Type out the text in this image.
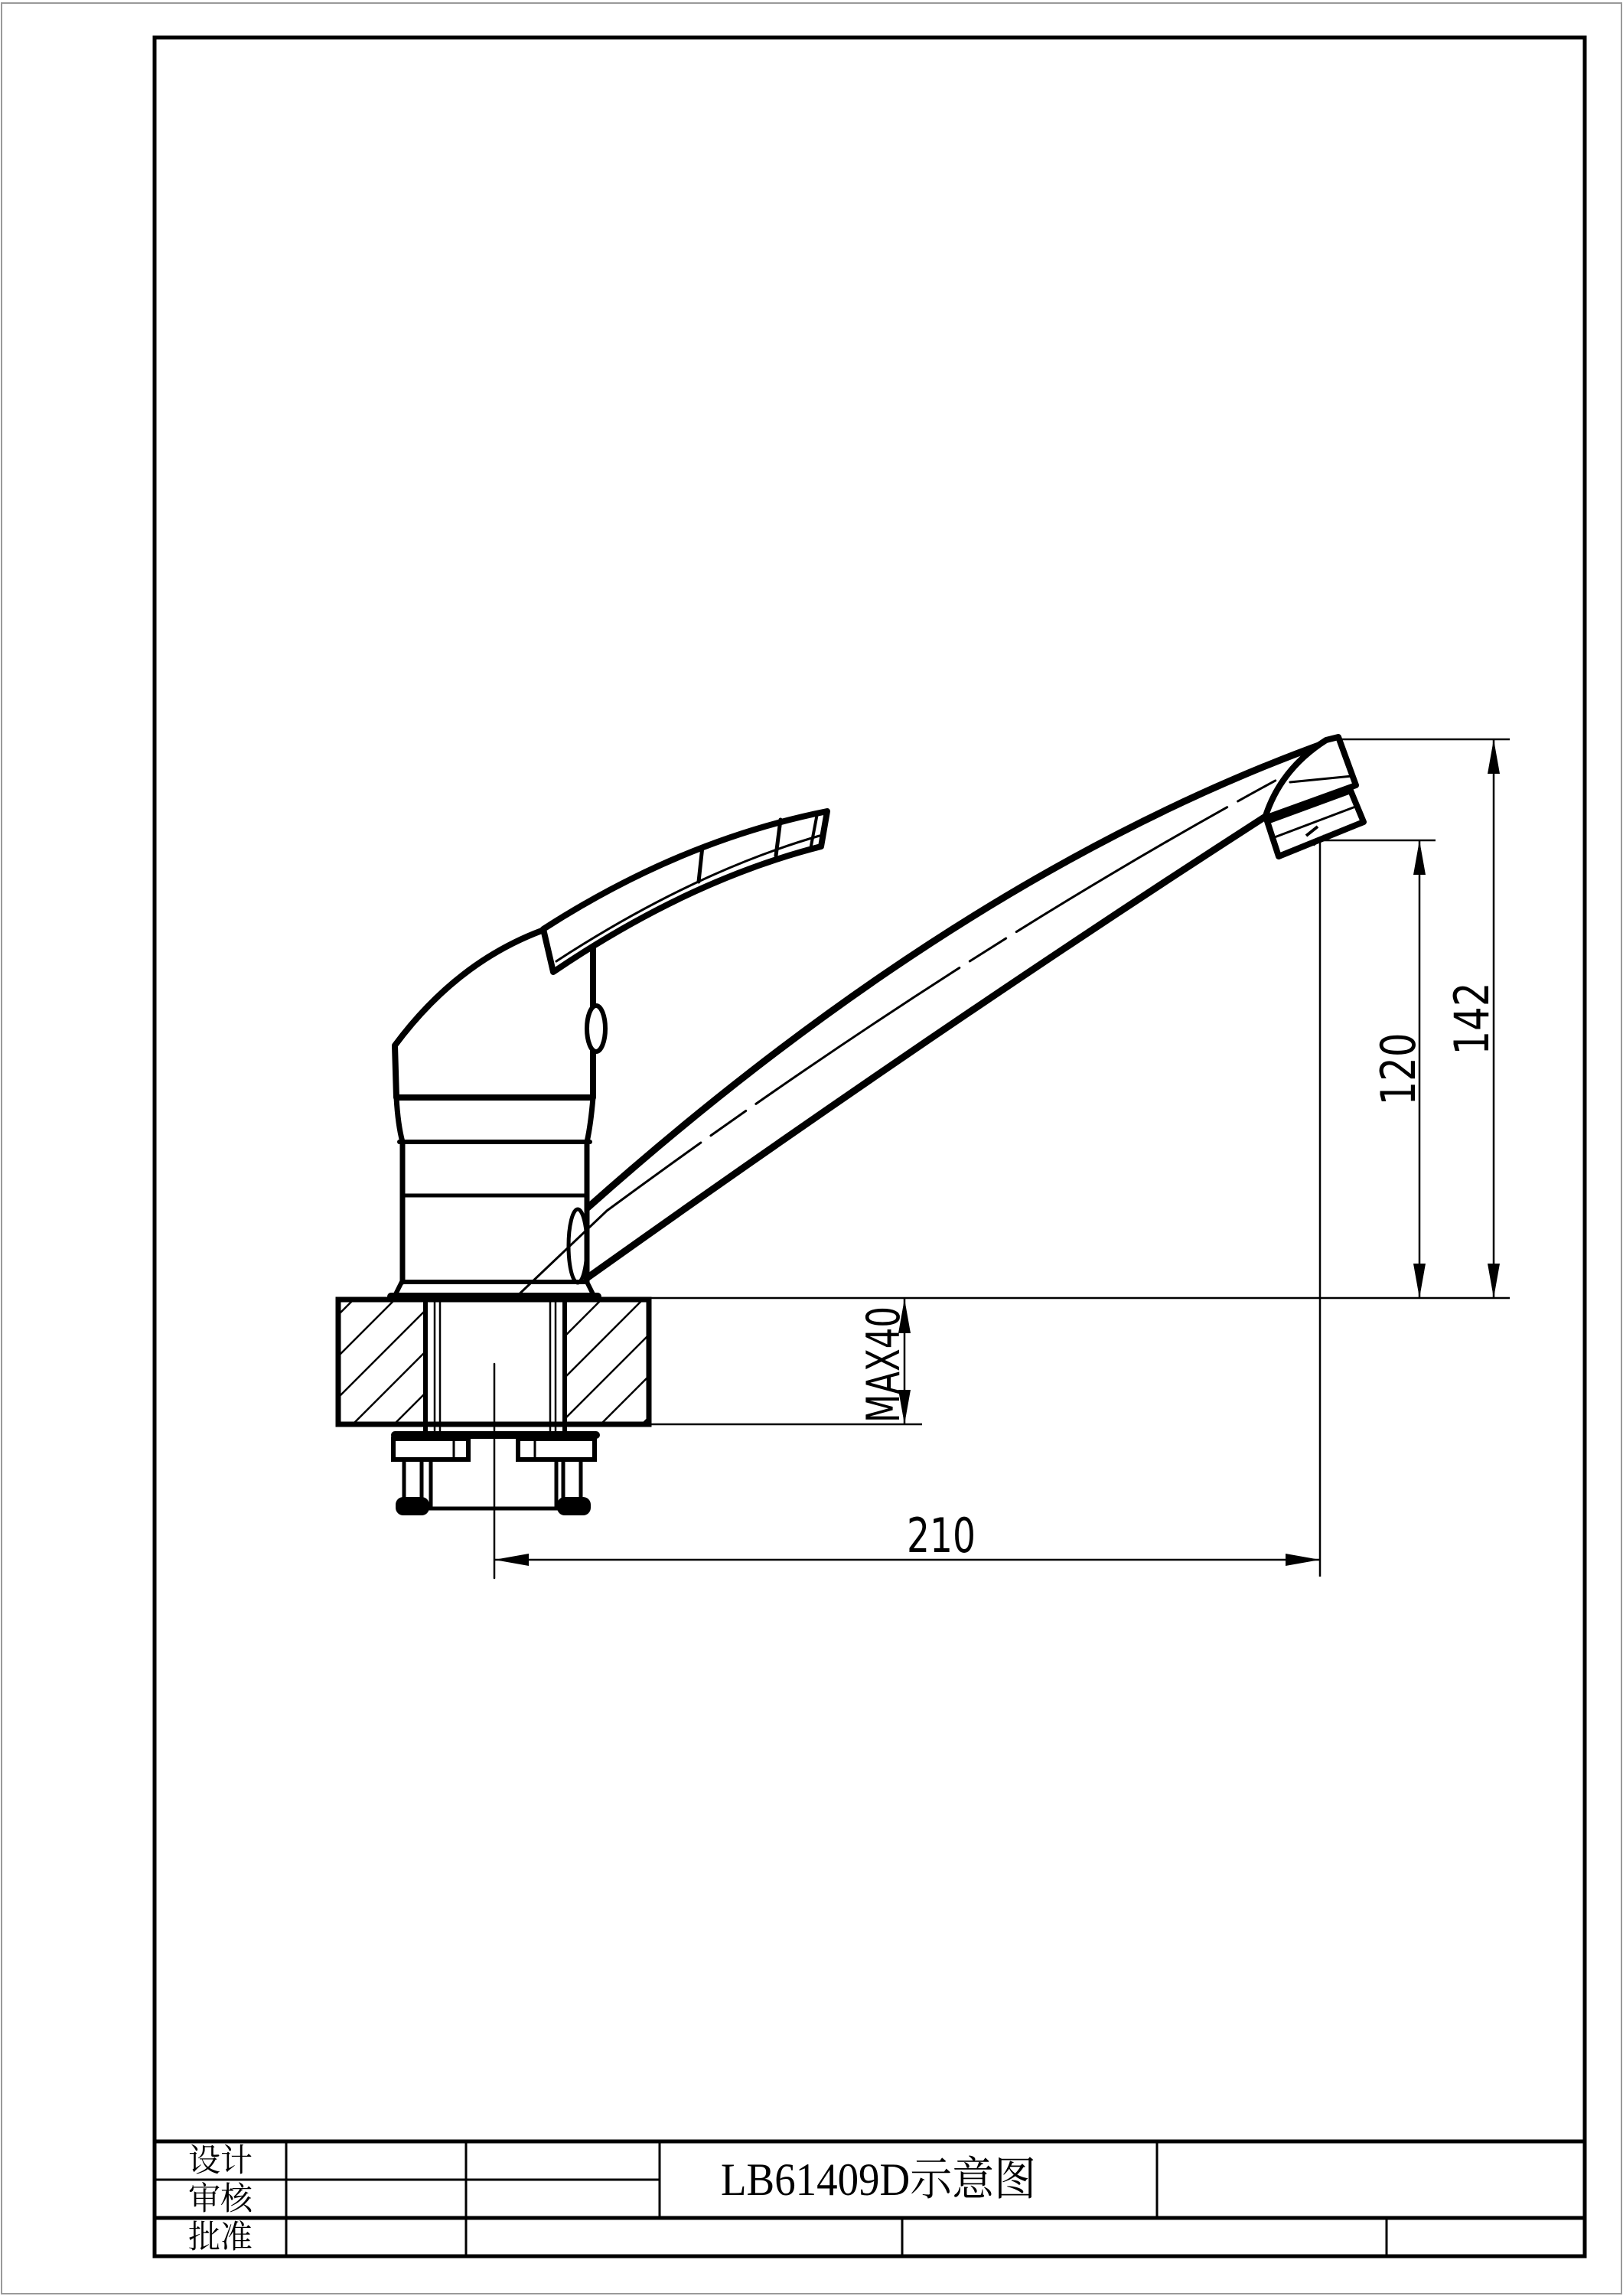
142
120
MAX40
210
设计
审核
批准
LB61409D示意图
